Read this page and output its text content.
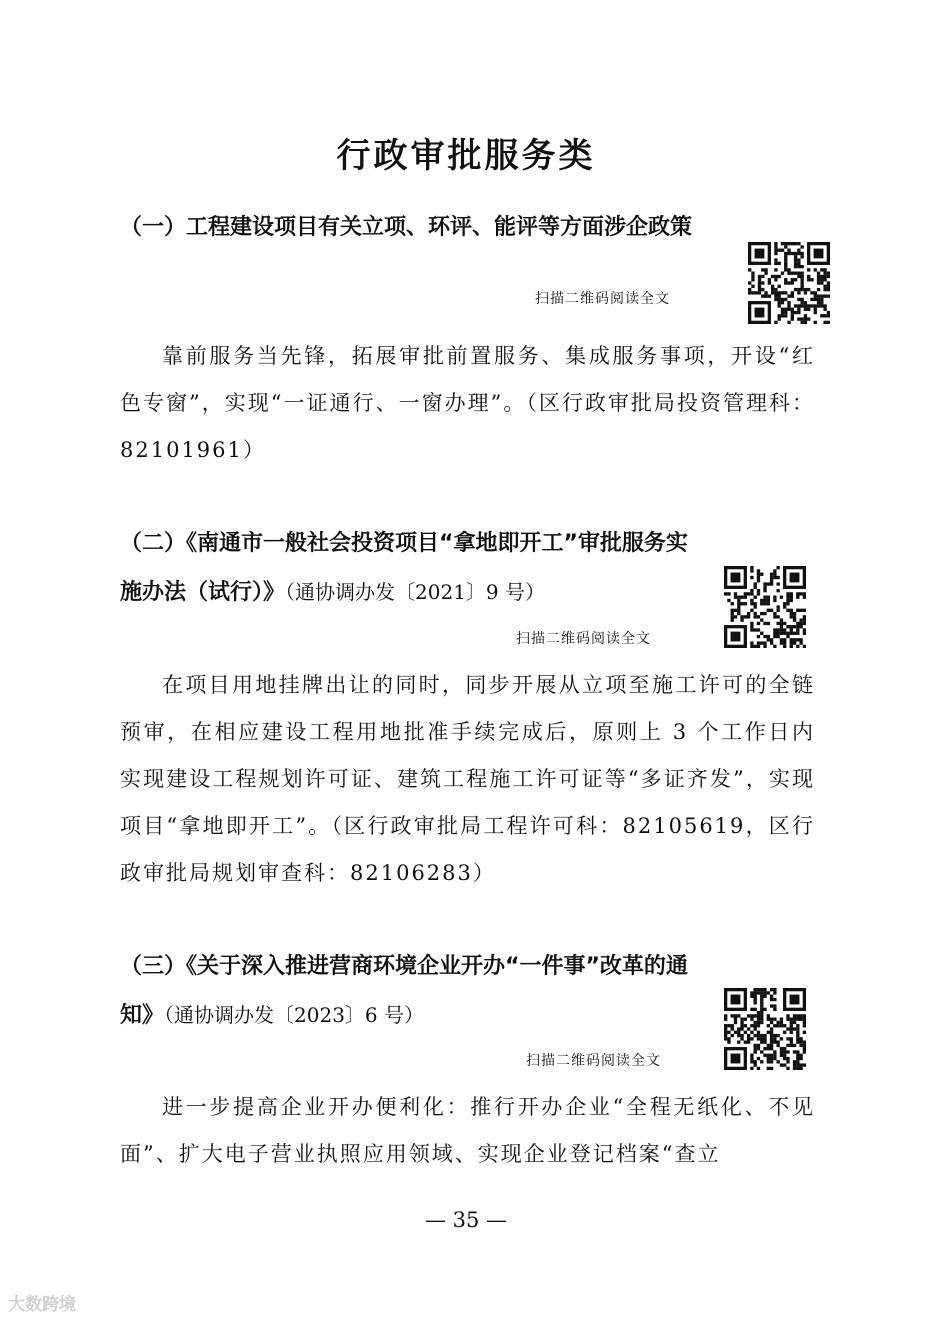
行政审批服务类
（一）工程建设项目有关立项、环评、能评等方面涉企政策
扫描二维码阅读全文
靠前服务当先锋，拓展审批前置服务、集成服务事项，开设“红色专窗”，实现“一证通行、一窗办理”。（区行政审批局投资管理科：82101961）
（二）《南通市一般社会投资项目“拿地即开工”审批服务实
施办法（试行）》（通协调办发〔2021〕9 号）
扫描二维码阅读全文
在项目用地挂牌出让的同时，同步开展从立项至施工许可的全链预审，在相应建设工程用地批准手续完成后，原则上 3 个工作日内实现建设工程规划许可证、建筑工程施工许可证等“多证齐发”，实现项目“拿地即开工”。（区行政审批局工程许可科：82105619，区行政审批局规划审查科：82106283）
（三）《关于深入推进营商环境企业开办“一件事”改革的通
知》（通协调办发〔2023〕6 号）
扫描二维码阅读全文
进一步提高企业开办便利化：推行开办企业“全程无纸化、不见面”、扩大电子营业执照应用领域、实现企业登记档案“查立
— 35 —
大数跨境
